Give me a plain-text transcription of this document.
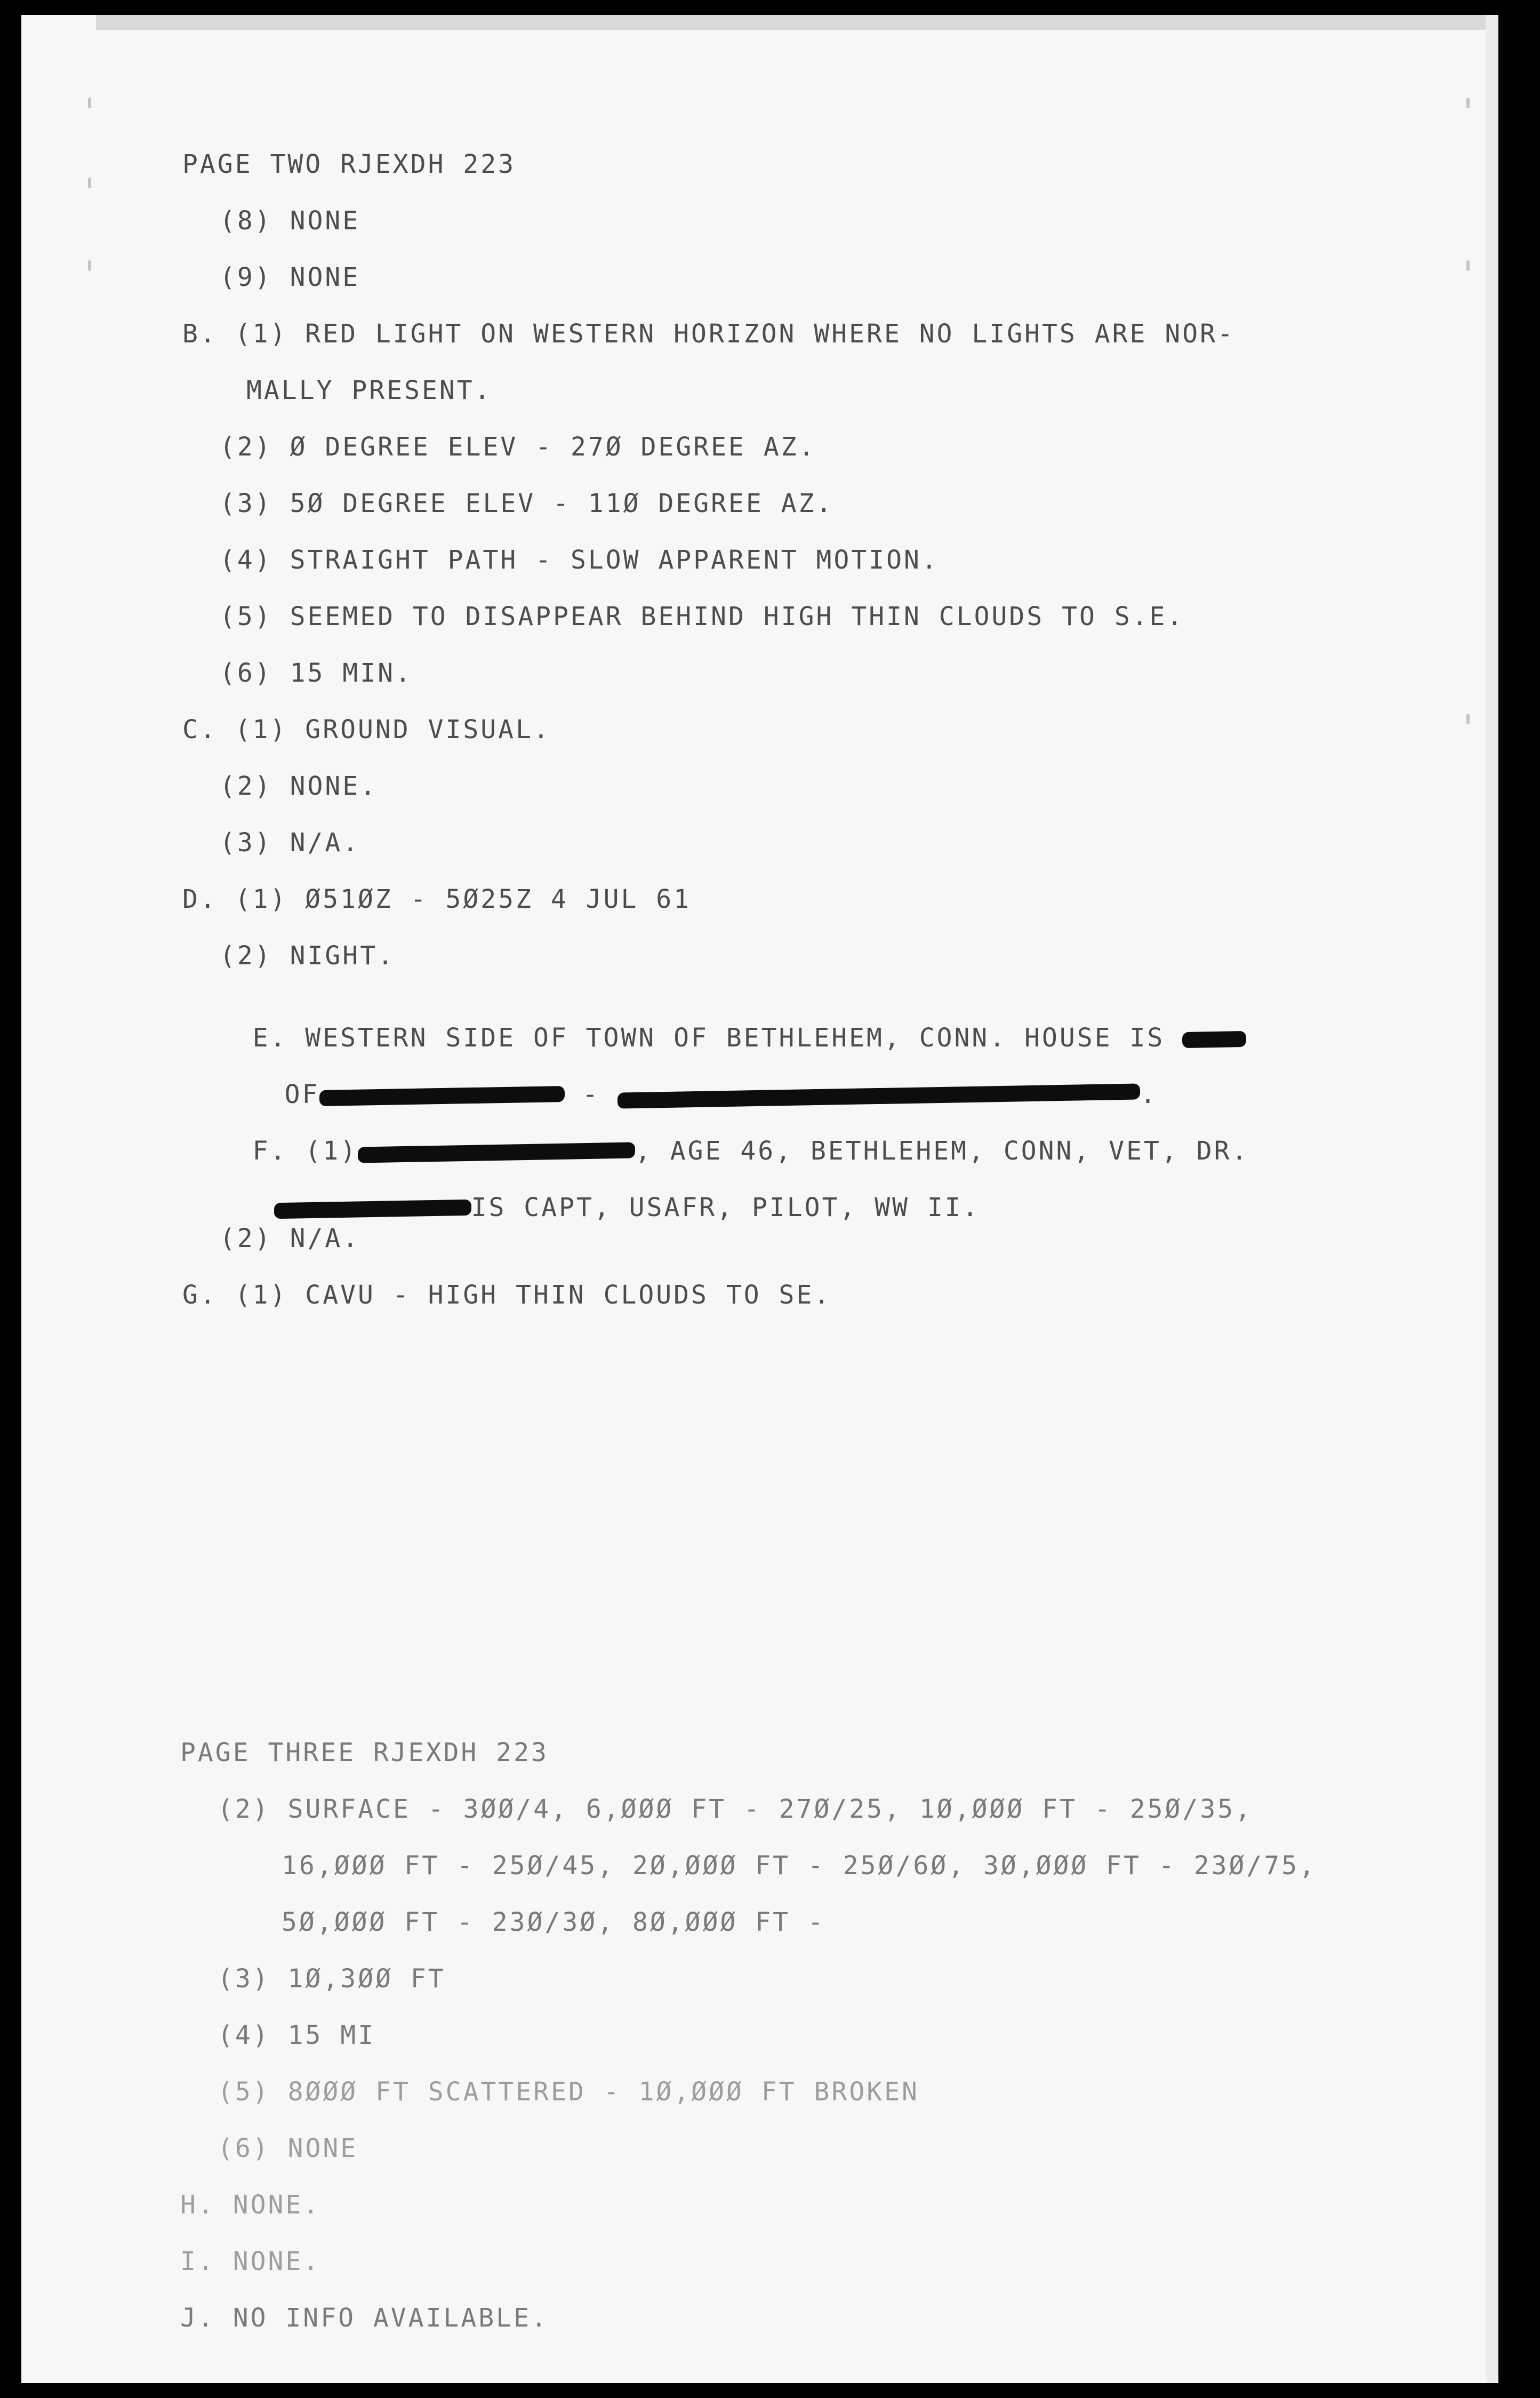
PAGE TWO RJEXDH 223
(8) NONE
(9) NONE
B. (1) RED LIGHT ON WESTERN HORIZON WHERE NO LIGHTS ARE NOR-
MALLY PRESENT.
(2) Ø DEGREE ELEV - 27Ø DEGREE AZ.
(3) 5Ø DEGREE ELEV - 11Ø DEGREE AZ.
(4) STRAIGHT PATH - SLOW APPARENT MOTION.
(5) SEEMED TO DISAPPEAR BEHIND HIGH THIN CLOUDS TO S.E.
(6) 15 MIN.
C. (1) GROUND VISUAL.
(2) NONE.
(3) N/A.
D. (1) Ø51ØZ - 5Ø25Z 4 JUL 61
(2) NIGHT.

E. WESTERN SIDE OF TOWN OF BETHLEHEM, CONN. HOUSE IS

OF	-	.

F. (1)	, AGE 46, BETHLEHEM, CONN, VET, DR.

IS CAPT, USAFR, PILOT, WW II.

(2) N/A.
G. (1) CAVU - HIGH THIN CLOUDS TO SE.
PAGE THREE RJEXDH 223
(2) SURFACE - 3ØØ/4, 6,ØØØ FT - 27Ø/25, 1Ø,ØØØ FT - 25Ø/35,
16,ØØØ FT - 25Ø/45, 2Ø,ØØØ FT - 25Ø/6Ø, 3Ø,ØØØ FT - 23Ø/75,
5Ø,ØØØ FT - 23Ø/3Ø, 8Ø,ØØØ FT -
(3) 1Ø,3ØØ FT
(4) 15 MI
(5) 8ØØØ FT SCATTERED - 1Ø,ØØØ FT BROKEN
(6) NONE
H. NONE.
I. NONE.
J. NO INFO AVAILABLE.
